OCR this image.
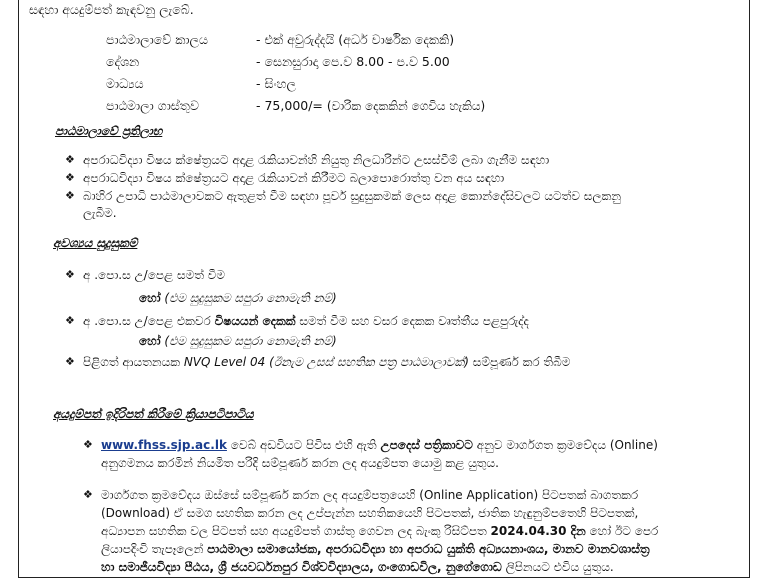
සඳහා අයදුම්පත් කැඳවනු ලැබේ.
පාඨමාලාවේ කාලය	- එක් අවුරුද්දයි (අර්ධ වාර්ෂික දෙකකි)
දේශන	- සෙනසුරාදා පෙ.ව 8.00 - ප.ව 5.00
මාධ්‍යය	- සිංහල
පාඨමාලා ගාස්තුව	- 75,000/= (වාරික දෙකකින් ගෙවිය හැකිය)
පාඨමාලාවේ ප්‍රතිලාභ
❖ අපරාධවිද්‍යා විෂය ක්ෂේත්‍රයට අදාළ රැකියාවන්හි නියුතු නිලධාරින්ට උසස්වීම් ලබා ගැනීම සඳහා
❖ අපරාධවිද්‍යා විෂය ක්ෂේත්‍රයට අදාළ රැකියාවන් කිරීමට බලාපොරොත්තු වන අය සඳහා
❖ බාහිර උපාධි පාඨමාලාවකට ඇතුළත් වීම සඳහා පූර්ව සුදුසුකමක් ලෙස අදාළ කොන්දේසිවලට යටත්ව සලකනු
ලැබීම.
අවශ්‍යය සුදුසුකම්
❖ අ .පො.ස උ/පෙළ සමත් වීම
හෝ (එම සුදුසුකම සපුරා නොමැති නම්)
❖ අ .පො.ස උ/පෙළ එකවර විෂයයන් දෙකක් සමත් වීම සහ වසර දෙකක වෘත්තීය පළපුරුද්ද
හෝ (එම සුදුසුකම සපුරා නොමැති නම්)
❖ පිළිගත් ආයතනයක NVQ Level 04 (ඊනැම උසස් සහතික පත්‍ර පාඨමාලාවක්) සම්පූර්ණ කර තිබීම
අයදුම්පත් ඉදිරිපත් කිරීමේ ක්‍රියාපටිපාටිය
❖ www.fhss.sjp.ac.lk වෙබ් අඩවියට පිවිස එහි ඇති උපදෙස් පත්‍රිකාවට අනුව මාර්ගගත ක්‍රමවේදය (Online)
අනුගමනය කරමින් නියමිත පරිදි සම්පූර්ණ කරන ලද අයදුම්පත යොමු කළ යුතුය.
❖ මාර්ගගත ක්‍රමවේදය ඔස්සේ සම්පූර්ණ කරන ලද අයදුම්පත්‍රයෙහි (Online Application) පිටපතක් බාගතකර
(Download) ඒ සමග සහතික කරන ලද උප්පැන්න සහතිකයෙහි පිටපතක්, ජාතික හැඳුනුම්පතෙහි පිටපතක්,
අධ්‍යාපන සහතික වල පිටපත් සහ අයදුම්පත් ගාස්තු ගෙවන ලද බැංකු රිසිට්පත 2024.04.30 දින හෝ ඊට පෙර
ලියාපදිංචි තැපෑලෙන් පාඨමාලා සමායෝජක, අපරාධවිද්‍යා හා අපරාධ යුක්ති අධ්‍යයනාංශය, මානව මානවශාස්ත්‍ර
හා සමාජීයවිද්‍යා පීඨය, ශ්‍රී ජයවර්ධනපුර විශ්වවිද්‍යාලය, ගංගොඩවිල, නුගේගොඩ ලිපිනයට එවිය යුතුය.
